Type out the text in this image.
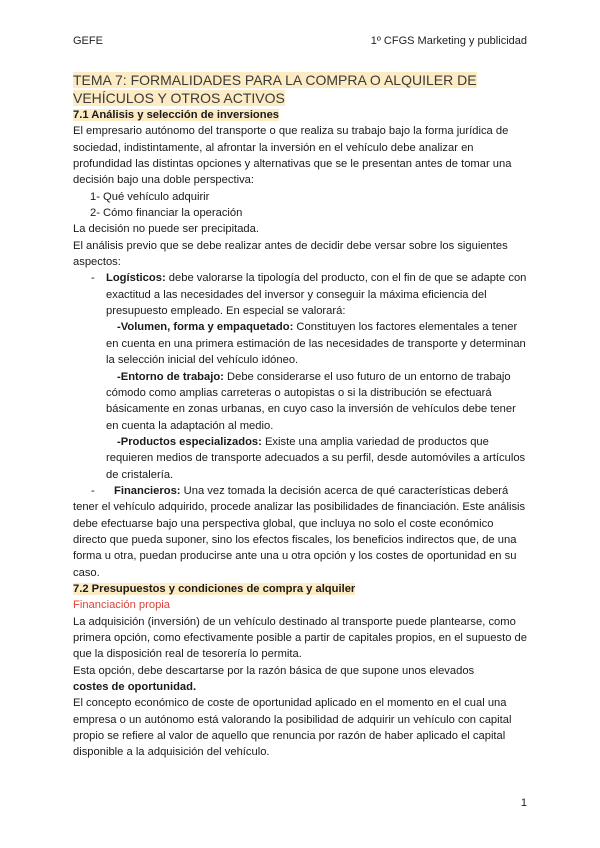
GEFE	1º CFGS Marketing y publicidad

TEMA 7: FORMALIDADES PARA LA COMPRA O ALQUILER DE VEHÍCULOS Y OTROS ACTIVOS

7.1 Análisis y selección de inversiones

El empresario autónomo del transporte o que realiza su trabajo bajo la forma jurídica de sociedad, indistintamente, al afrontar la inversión en el vehículo debe analizar en profundidad las distintas opciones y alternativas que se le presentan antes de tomar una decisión bajo una doble perspectiva:

1- Qué vehículo adquirir

2- Cómo financiar la operación

La decisión no puede ser precipitada.

El análisis previo que se debe realizar antes de decidir debe versar sobre los siguientes aspectos:

- Logísticos: debe valorarse la tipología del producto, con el fin de que se adapte con exactitud a las necesidades del inversor y conseguir la máxima eficiencia del presupuesto empleado. En especial se valorará:

-Volumen, forma y empaquetado: Constituyen los factores elementales a tener en cuenta en una primera estimación de las necesidades de transporte y determinan la selección inicial del vehículo idóneo.

-Entorno de trabajo: Debe considerarse el uso futuro de un entorno de trabajo cómodo como amplias carreteras o autopistas o si la distribución se efectuará básicamente en zonas urbanas, en cuyo caso la inversión de vehículos debe tener en cuenta la adaptación al medio.

-Productos especializados: Existe una amplia variedad de productos que requieren medios de transporte adecuados a su perfil, desde automóviles a artículos de cristalería.

- Financieros: Una vez tomada la decisión acerca de qué características deberá tener el vehículo adquirido, procede analizar las posibilidades de financiación. Este análisis debe efectuarse bajo una perspectiva global, que incluya no solo el coste económico directo que pueda suponer, sino los efectos fiscales, los beneficios indirectos que, de una forma u otra, puedan producirse ante una u otra opción y los costes de oportunidad en su caso.

7.2 Presupuestos y condiciones de compra y alquiler

Financiación propia

La adquisición (inversión) de un vehículo destinado al transporte puede plantearse, como primera opción, como efectivamente posible a partir de capitales propios, en el supuesto de que la disposición real de tesorería lo permita.

Esta opción, debe descartarse por la razón básica de que supone unos elevados
costes de oportunidad.

El concepto económico de coste de oportunidad aplicado en el momento en el cual una empresa o un autónomo está valorando la posibilidad de adquirir un vehículo con capital propio se refiere al valor de aquello que renuncia por razón de haber aplicado el capital disponible a la adquisición del vehículo.

1
